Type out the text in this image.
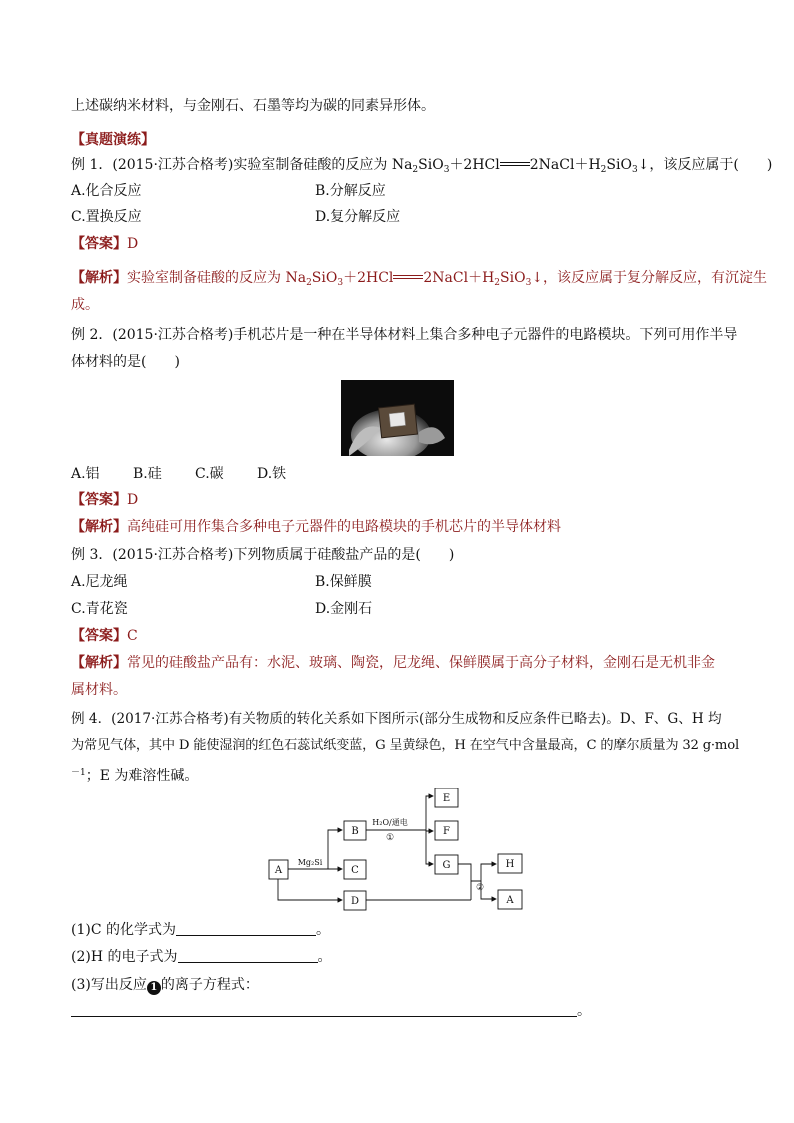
上述碳纳米材料，与金刚石、石墨等均为碳的同素异形体。
【真题演练】
例 1．(2015·江苏合格考)实验室制备硅酸的反应为 $Na_2SiO_3+2HCl$ $2NaCl+H_2SiO_3↓$，该反应属于(　　)
A.化合反应	B.分解反应
C.置换反应	D.复分解反应
【答案】D
【解析】实验室制备硅酸的反应为 $Na_2SiO_3+2HCl$ $2NaCl+H_2SiO_3↓$，该反应属于复分解反应，有沉淀生
成。
例 2．(2015·江苏合格考)手机芯片是一种在半导体材料上集合多种电子元器件的电路模块。下列可用作半导
体材料的是(　　)
A.铝 B.硅 C.碳 D.铁
【答案】D
【解析】高纯硅可用作集合多种电子元器件的电路模块的手机芯片的半导体材料
例 3．(2015·江苏合格考)下列物质属于硅酸盐产品的是(　　)
A.尼龙绳	B.保鲜膜
C.青花瓷	D.金刚石
【答案】C
【解析】常见的硅酸盐产品有：水泥、玻璃、陶瓷，尼龙绳、保鲜膜属于高分子材料，金刚石是无机非金
属材料。
例 4．(2017·江苏合格考)有关物质的转化关系如下图所示(部分生成物和反应条件已略去)。D、F、G、H 均
为常见气体，其中 D 能使湿润的红色石蕊试纸变蓝，G 呈黄绿色，H 在空气中含量最高，C 的摩尔质量为 32 g·mol
$^{-1}$；E 为难溶性碱。
A
B
C
D
E
F
G	H
A
Mg₂Si
H₂O/通电
①
②
(1)C 的化学式为	。
(2)H 的电子式为	。
(3)写出反应 1 的离子方程式：
。
